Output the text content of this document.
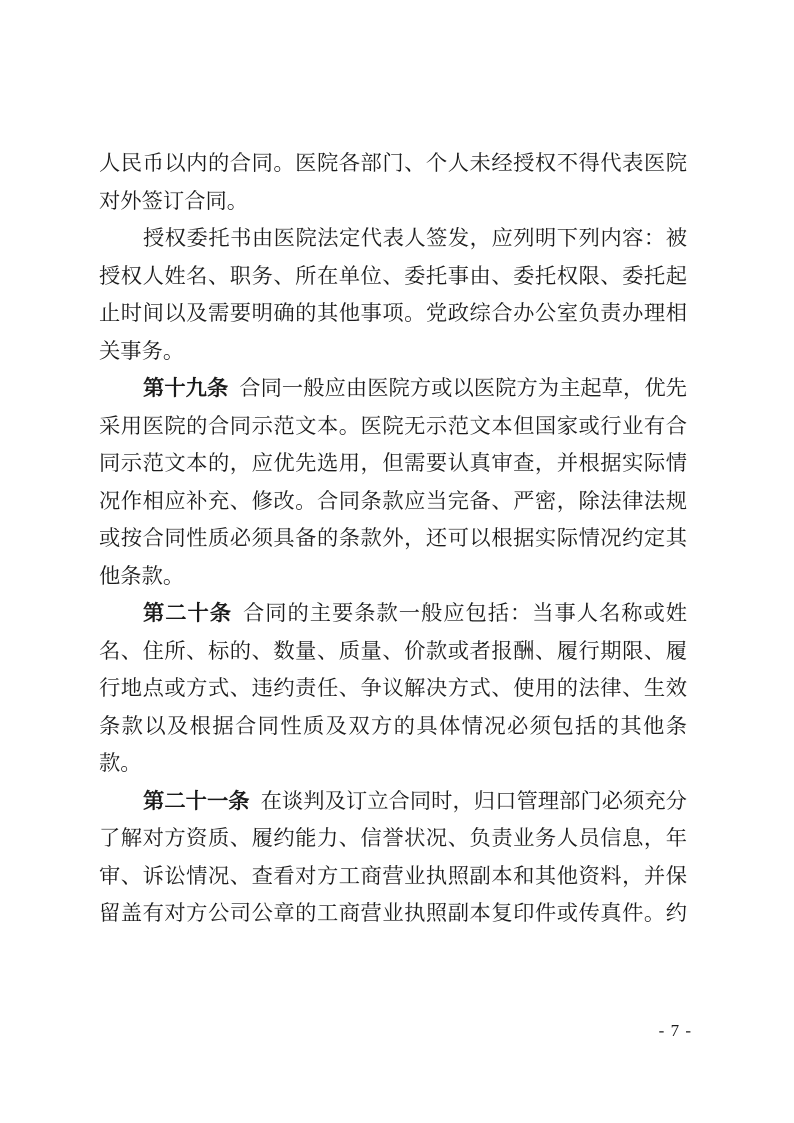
人民币以内的合同。医院各部门、个人未经授权不得代表医院
对外签订合同。
授权委托书由医院法定代表人签发，应列明下列内容：被
授权人姓名、职务、所在单位、委托事由、委托权限、委托起
止时间以及需要明确的其他事项。党政综合办公室负责办理相
关事务。
第十九条 合同一般应由医院方或以医院方为主起草，优先
采用医院的合同示范文本。医院无示范文本但国家或行业有合
同示范文本的，应优先选用，但需要认真审查，并根据实际情
况作相应补充、修改。合同条款应当完备、严密，除法律法规
或按合同性质必须具备的条款外，还可以根据实际情况约定其
他条款。
第二十条 合同的主要条款一般应包括：当事人名称或姓
名、住所、标的、数量、质量、价款或者报酬、履行期限、履
行地点或方式、违约责任、争议解决方式、使用的法律、生效
条款以及根据合同性质及双方的具体情况必须包括的其他条
款。
第二十一条 在谈判及订立合同时，归口管理部门必须充分
了解对方资质、履约能力、信誉状况、负责业务人员信息，年
审、诉讼情况、查看对方工商营业执照副本和其他资料，并保
留盖有对方公司公章的工商营业执照副本复印件或传真件。约
- 7 -
